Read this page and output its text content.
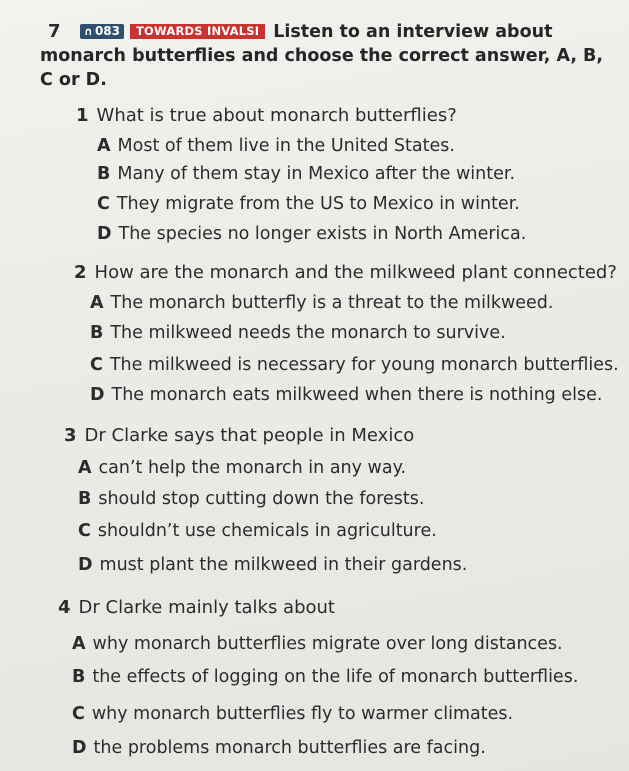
7	∩ 083 TOWARDS INVALSI Listen to an interview about monarch butterflies and choose the correct answer, A, B, C or D.
1 What is true about monarch butterflies?
A Most of them live in the United States.
B Many of them stay in Mexico after the winter.
C They migrate from the US to Mexico in winter.
D The species no longer exists in North America.
2 How are the monarch and the milkweed plant connected?
A The monarch butterfly is a threat to the milkweed.
B The milkweed needs the monarch to survive.
C The milkweed is necessary for young monarch butterflies.
D The monarch eats milkweed when there is nothing else.
3 Dr Clarke says that people in Mexico
A can’t help the monarch in any way.
B should stop cutting down the forests.
C shouldn’t use chemicals in agriculture.
D must plant the milkweed in their gardens.
4 Dr Clarke mainly talks about
A why monarch butterflies migrate over long distances.
B the effects of logging on the life of monarch butterflies.
C why monarch butterflies fly to warmer climates.
D the problems monarch butterflies are facing.
